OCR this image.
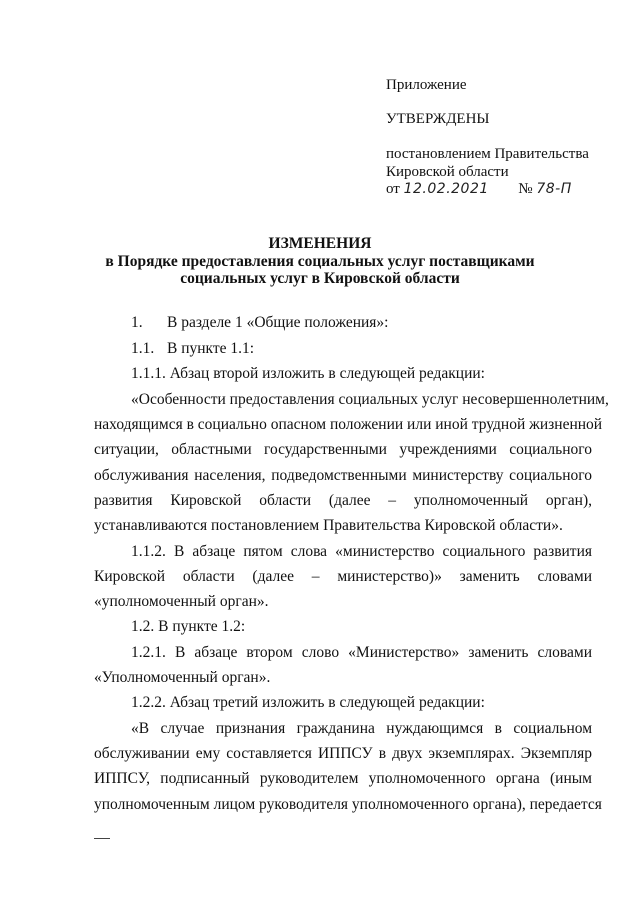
Приложение
УТВЕРЖДЕНЫ
постановлением Правительства
Кировской области
от 12.02.2021 № 78-П
ИЗМЕНЕНИЯ
в Порядке предоставления социальных услуг поставщиками
социальных услуг в Кировской области
1. В разделе 1 «Общие положения»:
1.1. В пункте 1.1:
1.1.1. Абзац второй изложить в следующей редакции:
«Особенности предоставления социальных услуг несовершеннолетним,
находящимся в социально опасном положении или иной трудной жизненной
ситуации, областными государственными учреждениями социального
обслуживания населения, подведомственными министерству социального
развития Кировской области (далее – уполномоченный орган),
устанавливаются постановлением Правительства Кировской области».
1.1.2. В абзаце пятом слова «министерство социального развития
Кировской области (далее – министерство)» заменить словами
«уполномоченный орган».
1.2. В пункте 1.2:
1.2.1. В абзаце втором слово «Министерство» заменить словами
«Уполномоченный орган».
1.2.2. Абзац третий изложить в следующей редакции:
«В случае признания гражданина нуждающимся в социальном
обслуживании ему составляется ИППСУ в двух экземплярах. Экземпляр
ИППСУ, подписанный руководителем уполномоченного органа (иным
уполномоченным лицом руководителя уполномоченного органа), передается
